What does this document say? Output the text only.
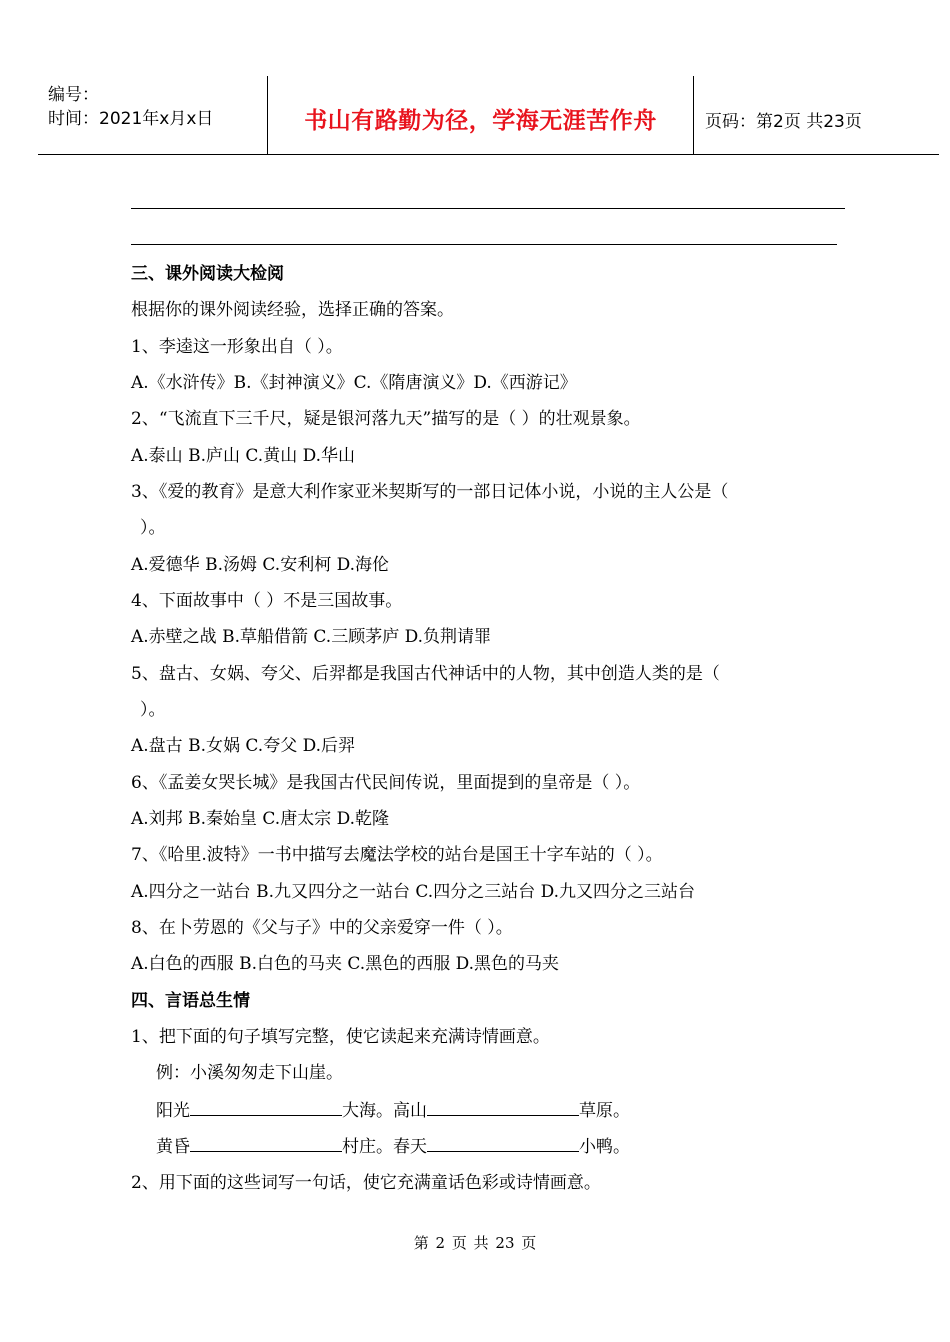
编号：
时间：2021年x月x日	书山有路勤为径，学海无涯苦作舟	页码：第2页 共23页
三、课外阅读大检阅
根据你的课外阅读经验，选择正确的答案。
1、李逵这一形象出自（ ）。
A.《水浒传》B.《封神演义》C.《隋唐演义》D.《西游记》
2、“飞流直下三千尺，疑是银河落九天”描写的是（ ）的壮观景象。
A.泰山 B.庐山 C.黄山 D.华山
3、《爱的教育》是意大利作家亚米契斯写的一部日记体小说，小说的主人公是（
）。
A.爱德华 B.汤姆 C.安利柯 D.海伦
4、下面故事中（ ）不是三国故事。
A.赤壁之战 B.草船借箭 C.三顾茅庐 D.负荆请罪
5、盘古、女娲、夸父、后羿都是我国古代神话中的人物，其中创造人类的是（
）。
A.盘古 B.女娲 C.夸父 D.后羿
6、《孟姜女哭长城》是我国古代民间传说，里面提到的皇帝是（ ）。
A.刘邦 B.秦始皇 C.唐太宗 D.乾隆
7、《哈里.波特》一书中描写去魔法学校的站台是国王十字车站的（ ）。
A.四分之一站台 B.九又四分之一站台 C.四分之三站台 D.九又四分之三站台
8、在卜劳恩的《父与子》中的父亲爱穿一件（ ）。
A.白色的西服 B.白色的马夹 C.黑色的西服 D.黑色的马夹
四、言语总生情
1、把下面的句子填写完整，使它读起来充满诗情画意。
例：小溪匆匆走下山崖。
阳光	大海。高山	草原。
黄昏	村庄。春天	小鸭。
2、用下面的这些词写一句话，使它充满童话色彩或诗情画意。
第 2 页 共 23 页
